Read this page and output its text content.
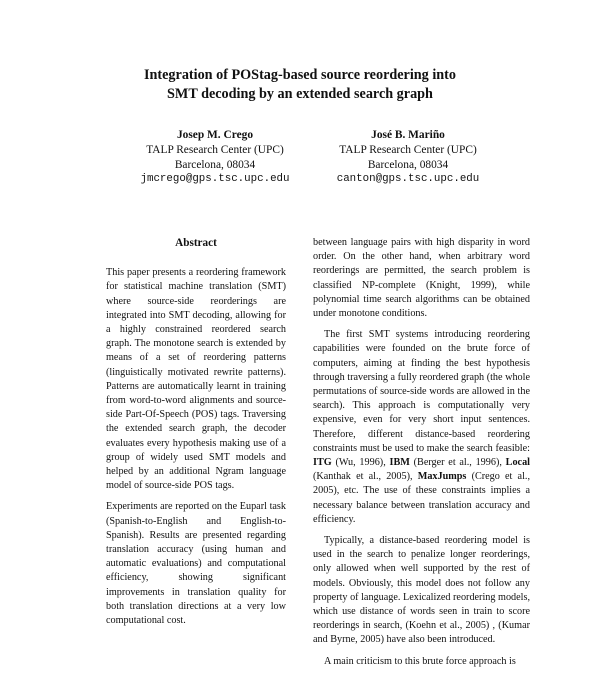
Integration of POStag-based source reordering into
SMT decoding by an extended search graph
Josep M. Crego
TALP Research Center (UPC)
Barcelona, 08034
jmcrego@gps.tsc.upc.edu
José B. Mariño
TALP Research Center (UPC)
Barcelona, 08034
canton@gps.tsc.upc.edu
Abstract

This paper presents a reordering framework for statistical machine translation (SMT) where source-side reorderings are integrated into SMT decoding, allowing for a highly constrained reordered search graph. The monotone search is extended by means of a set of reordering patterns (linguistically motivated rewrite patterns). Patterns are automatically learnt in training from word-to-word alignments and source-side Part-Of-Speech (POS) tags. Traversing the extended search graph, the decoder evaluates every hypothesis making use of a group of widely used SMT models and helped by an additional Ngram language model of source-side POS tags.

Experiments are reported on the Euparl task (Spanish-to-English and English-to-Spanish). Results are presented regarding translation accuracy (using human and automatic evaluations) and computational efficiency, showing significant improvements in translation quality for both translation directions at a very low computational cost.

between language pairs with high disparity in word order. On the other hand, when arbitrary word reorderings are permitted, the search problem is classified NP-complete (Knight, 1999), while polynomial time search algorithms can be obtained under monotone conditions.

The first SMT systems introducing reordering capabilities were founded on the brute force of computers, aiming at finding the best hypothesis through traversing a fully reordered graph (the whole permutations of source-side words are allowed in the search). This approach is computationally very expensive, even for very short input sentences. Therefore, different distance-based reordering constraints must be used to make the search feasible: ITG (Wu, 1996), IBM (Berger et al., 1996), Local (Kanthak et al., 2005), MaxJumps (Crego et al., 2005), etc. The use of these constraints implies a necessary balance between translation accuracy and efficiency.

Typically, a distance-based reordering model is used in the search to penalize longer reorderings, only allowed when well supported by the rest of models. Obviously, this model does not follow any property of language. Lexicalized reordering models, which use distance of words seen in train to score reorderings in search, (Koehn et al., 2005) , (Kumar and Byrne, 2005) have also been introduced.

A main criticism to this brute force approach is
